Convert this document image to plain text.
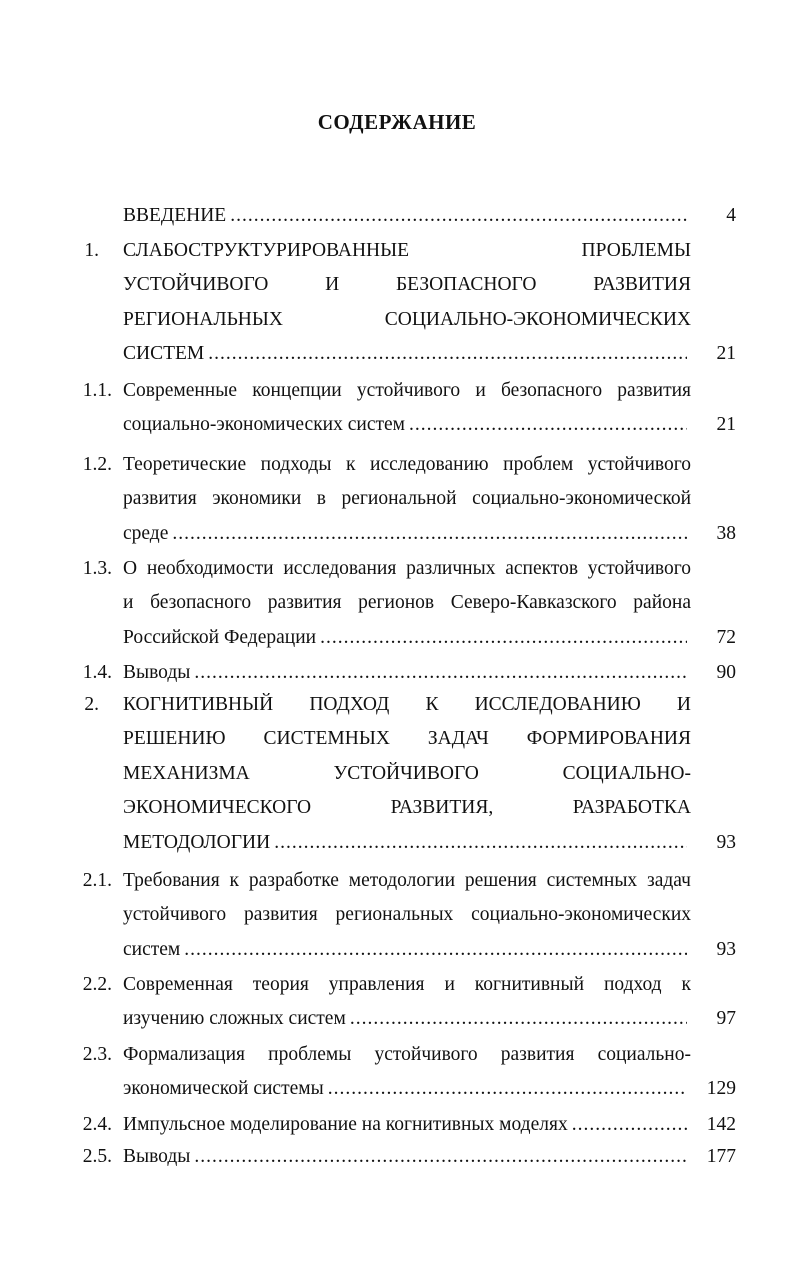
СОДЕРЖАНИЕ
ВВЕДЕНИЕ .....	4
1. СЛАБОСТРУКТУРИРОВАННЫЕ ПРОБЛЕМЫ
УСТОЙЧИВОГО И БЕЗОПАСНОГО РАЗВИТИЯ
РЕГИОНАЛЬНЫХ СОЦИАЛЬНО-ЭКОНОМИЧЕСКИХ
СИСТЕМ .....	21
1.1. Современные концепции устойчивого и безопасного развития
социально-экономических систем .....	21
1.2. Теоретические подходы к исследованию проблем устойчивого
развития экономики в региональной социально-экономической
среде .....	38
1.3. О необходимости исследования различных аспектов устойчивого
и безопасного развития регионов Северо-Кавказского района
Российской Федерации .....	72
1.4. Выводы .....	90
2. КОГНИТИВНЫЙ ПОДХОД К ИССЛЕДОВАНИЮ И
РЕШЕНИЮ СИСТЕМНЫХ ЗАДАЧ ФОРМИРОВАНИЯ
МЕХАНИЗМА УСТОЙЧИВОГО СОЦИАЛЬНО-
ЭКОНОМИЧЕСКОГО РАЗВИТИЯ, РАЗРАБОТКА
МЕТОДОЛОГИИ .....	93
2.1. Требования к разработке методологии решения системных задач
устойчивого развития региональных социально-экономических
систем .....	93
2.2. Современная теория управления и когнитивный подход к
изучению сложных систем .....	97
2.3. Формализация проблемы устойчивого развития социально-
экономической системы .....	129
2.4. Импульсное моделирование на когнитивных моделях .....	142
2.5. Выводы .....	177
